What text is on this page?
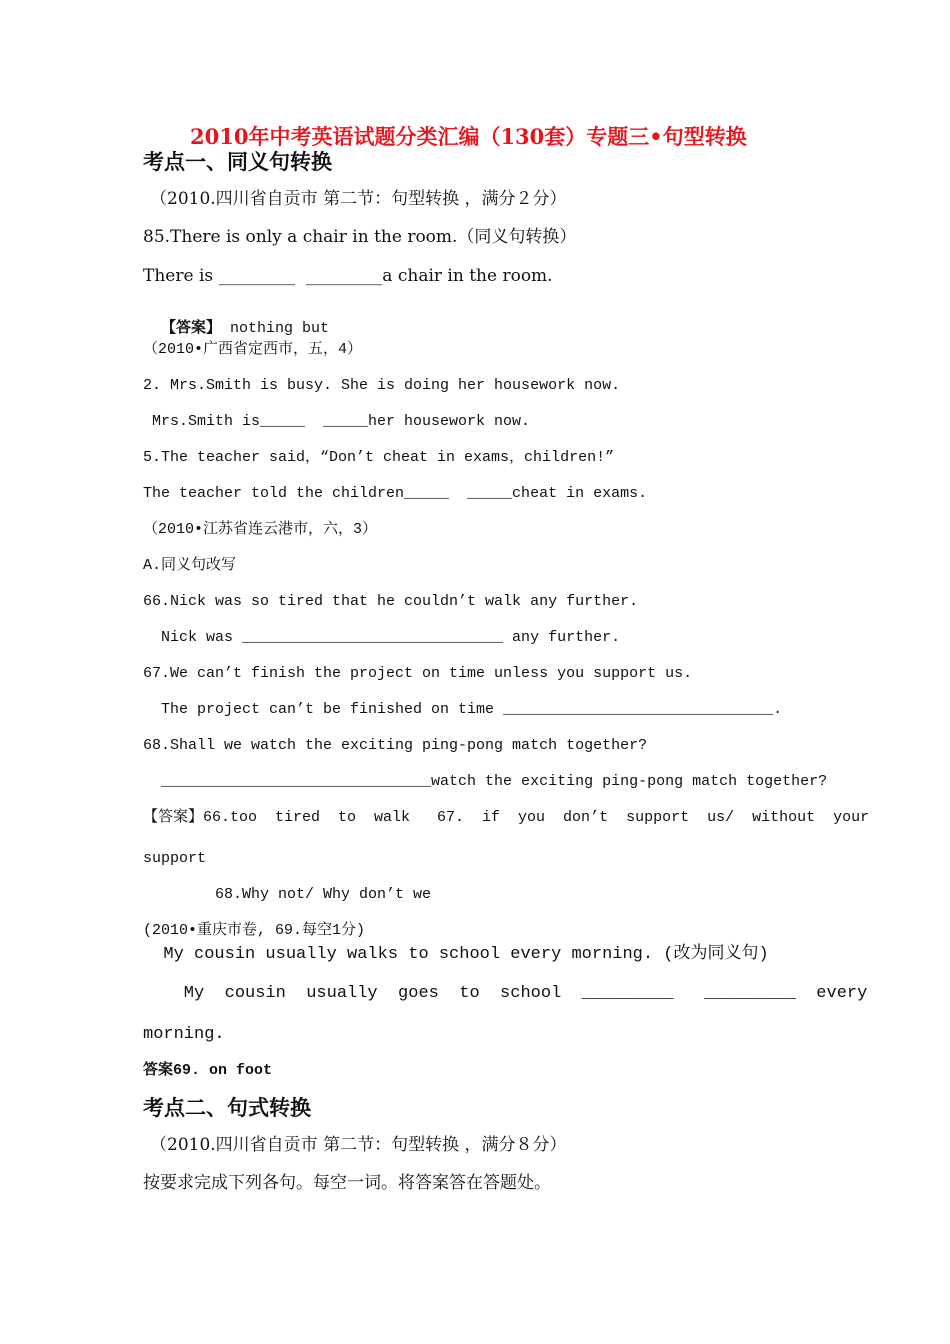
2010年中考英语试题分类汇编（130套）专题三•句型转换
考点一、同义句转换
（2010.四川省自贡市 第二节：句型转换 ，满分２分）
85.There is only a chair in the room.（同义句转换）
There is _________  _________a chair in the room.

【答案】 nothing but

（2010•广西省定西市，五，4）
2. Mrs.Smith is busy. She is doing her housework now.
Mrs.Smith is_____  _____her housework now.
5.The teacher said，“Don’t cheat in exams，children!”
The teacher told the children_____  _____cheat in exams.
（2010•江苏省连云港市，六，3）
A.同义句改写
66.Nick was so tired that he couldn’t walk any further.
Nick was _____________________________ any further.
67.We can’t finish the project on time unless you support us.
The project can’t be finished on time ______________________________.
68.Shall we watch the exciting ping-pong match together?
______________________________watch the exciting ping-pong match together?
【答案】66.too  tired  to  walk   67.  if  you  don’t  support  us/  without  your
support
68.Why not/ Why don’t we
(2010•重庆市卷, 69.每空1分)
My cousin usually walks to school every morning. (改为同义句)
My  cousin  usually  goes  to  school  _________   _________  every
morning.
答案69. on foot
考点二、句式转换
（2010.四川省自贡市 第二节：句型转换 ，满分８分）
按要求完成下列各句。每空一词。将答案答在答题处。
